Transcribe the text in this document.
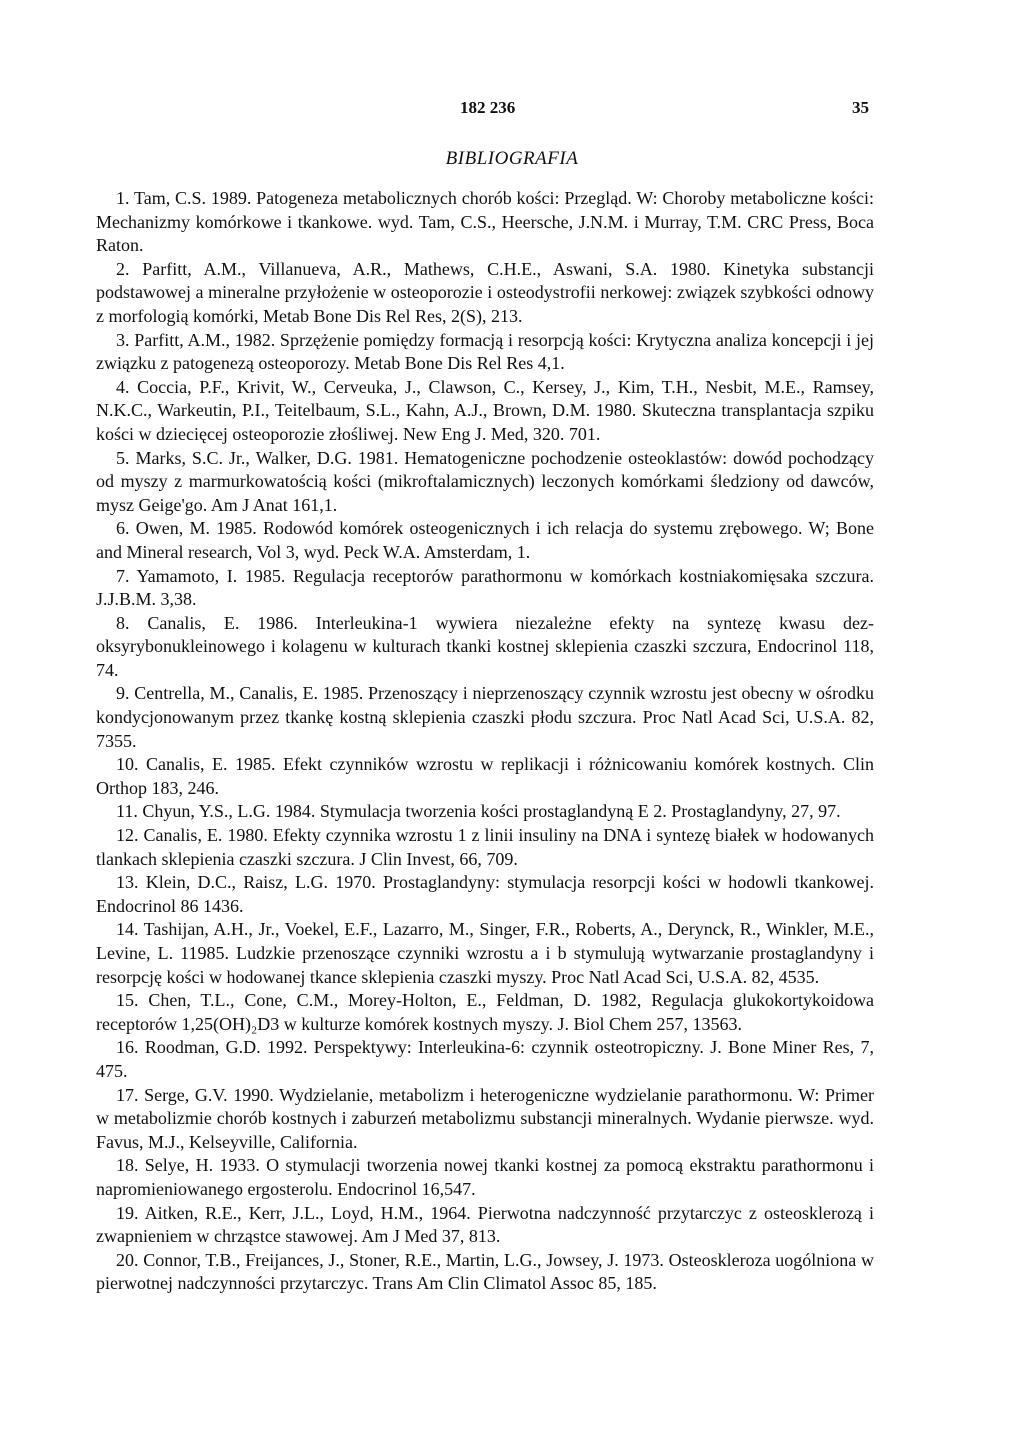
182 236	35
BIBLIOGRAFIA
1. Tam, C.S. 1989. Patogeneza metabolicznych chorób kości: Przegląd. W: Choroby metaboliczne kości: Mechanizmy komórkowe i tkankowe. wyd. Tam, C.S., Heersche, J.N.M. i Murray, T.M. CRC Press, Boca Raton.
2. Parfitt, A.M., Villanueva, A.R., Mathews, C.H.E., Aswani, S.A. 1980. Kinetyka substancji podstawowej a mineralne przyłożenie w osteoporozie i osteodystrofii nerkowej: związek szybkości odnowy z morfologią komórki, Metab Bone Dis Rel Res, 2(S), 213.
3. Parfitt, A.M., 1982. Sprzężenie pomiędzy formacją i resorpcją kości: Krytyczna analiza koncepcji i jej związku z patogenezą osteoporozy. Metab Bone Dis Rel Res 4,1.
4. Coccia, P.F., Krivit, W., Cerveuka, J., Clawson, C., Kersey, J., Kim, T.H., Nesbit, M.E., Ramsey, N.K.C., Warkeutin, P.I., Teitelbaum, S.L., Kahn, A.J., Brown, D.M. 1980. Skuteczna transplantacja szpiku kości w dziecięcej osteoporozie złośliwej. New Eng J. Med, 320. 701.
5. Marks, S.C. Jr., Walker, D.G. 1981. Hematogeniczne pochodzenie osteoklastów: dowód pochodzący od myszy z marmurkowatością kości (mikroftalamicznych) leczonych komórkami śledziony od dawców, mysz Geige'go. Am J Anat 161,1.
6. Owen, M. 1985. Rodowód komórek osteogenicznych i ich relacja do systemu zrębowego. W; Bone and Mineral research, Vol 3, wyd. Peck W.A. Amsterdam, 1.
7. Yamamoto, I. 1985. Regulacja receptorów parathormonu w komórkach kostniakomięsaka szczura. J.J.B.M. 3,38.
8. Canalis, E. 1986. Interleukina-1 wywiera niezależne efekty na syntezę kwasu dezoksyrybonukleinowego i kolagenu w kulturach tkanki kostnej sklepienia czaszki szczura, Endocrinol 118, 74.
9. Centrella, M., Canalis, E. 1985. Przenoszący i nieprzenoszący czynnik wzrostu jest obecny w ośrodku kondycjonowanym przez tkankę kostną sklepienia czaszki płodu szczura. Proc Natl Acad Sci, U.S.A. 82, 7355.
10. Canalis, E. 1985. Efekt czynników wzrostu w replikacji i różnicowaniu komórek kostnych. Clin Orthop 183, 246.
11. Chyun, Y.S., L.G. 1984. Stymulacja tworzenia kości prostaglandyną E 2. Prostaglandyny, 27, 97.
12. Canalis, E. 1980. Efekty czynnika wzrostu 1 z linii insuliny na DNA i syntezę białek w hodowanych tlankach sklepienia czaszki szczura. J Clin Invest, 66, 709.
13. Klein, D.C., Raisz, L.G. 1970. Prostaglandyny: stymulacja resorpcji kości w hodowli tkankowej. Endocrinol 86 1436.
14. Tashijan, A.H., Jr., Voekel, E.F., Lazarro, M., Singer, F.R., Roberts, A., Derynck, R., Winkler, M.E., Levine, L. 11985. Ludzkie przenoszące czynniki wzrostu a i b stymulują wytwarzanie prostaglandyny i resorpcję kości w hodowanej tkance sklepienia czaszki myszy. Proc Natl Acad Sci, U.S.A. 82, 4535.
15. Chen, T.L., Cone, C.M., Morey-Holton, E., Feldman, D. 1982, Regulacja glukokortykoidowa receptorów 1,25(OH)₂D3 w kulturze komórek kostnych myszy. J. Biol Chem 257, 13563.
16. Roodman, G.D. 1992. Perspektywy: Interleukina-6: czynnik osteotropiczny. J. Bone Miner Res, 7, 475.
17. Serge, G.V. 1990. Wydzielanie, metabolizm i heterogeniczne wydzielanie parathormonu. W: Primer w metabolizmie chorób kostnych i zaburzeń metabolizmu substancji mineralnych. Wydanie pierwsze. wyd. Favus, M.J., Kelseyville, California.
18. Selye, H. 1933. O stymulacji tworzenia nowej tkanki kostnej za pomocą ekstraktu parathormonu i napromieniowanego ergosterolu. Endocrinol 16,547.
19. Aitken, R.E., Kerr, J.L., Loyd, H.M., 1964. Pierwotna nadczynność przytarczyc z osteosklerozą i zwapnieniem w chrząstce stawowej. Am J Med 37, 813.
20. Connor, T.B., Freijances, J., Stoner, R.E., Martin, L.G., Jowsey, J. 1973. Osteoskleroza uogólniona w pierwotnej nadczynności przytarczyc. Trans Am Clin Climatol Assoc 85, 185.
